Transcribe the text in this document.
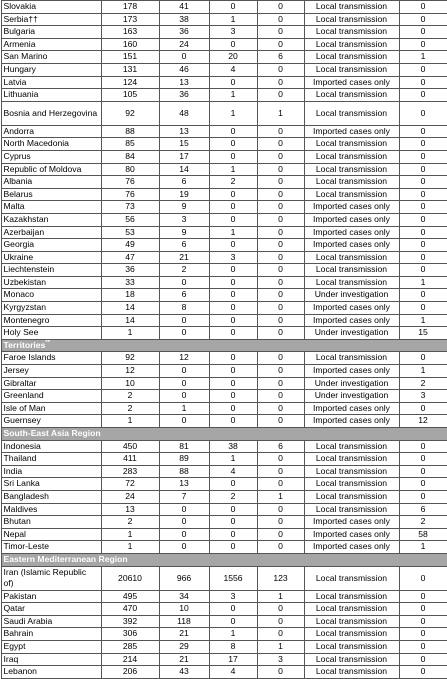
Slovakia	178	41	0	0	Local transmission	0
Serbia††	173	38	1	0	Local transmission	0
Bulgaria	163	36	3	0	Local transmission	0
Armenia	160	24	0	0	Local transmission	0
San Marino	151	0	20	6	Local transmission	1
Hungary	131	46	4	0	Local transmission	0
Latvia	124	13	0	0	Imported cases only	0
Lithuania	105	36	1	0	Local transmission	0
Bosnia and Herzegovina	92	48	1	1	Local transmission	0
Andorra	88	13	0	0	Imported cases only	0
North Macedonia	85	15	0	0	Local transmission	0
Cyprus	84	17	0	0	Local transmission	0
Republic of Moldova	80	14	1	0	Local transmission	0
Albania	76	6	2	0	Local transmission	0
Belarus	76	19	0	0	Local transmission	0
Malta	73	9	0	0	Imported cases only	0
Kazakhstan	56	3	0	0	Imported cases only	0
Azerbaijan	53	9	1	0	Imported cases only	0
Georgia	49	6	0	0	Imported cases only	0
Ukraine	47	21	3	0	Local transmission	0
Liechtenstein	36	2	0	0	Local transmission	0
Uzbekistan	33	0	0	0	Local transmission	1
Monaco	18	6	0	0	Under investigation	0
Kyrgyzstan	14	8	0	0	Imported cases only	0
Montenegro	14	0	0	0	Imported cases only	1
Holy See	1	0	0	0	Under investigation	15
Territories**
Faroe Islands	92	12	0	0	Local transmission	0
Jersey	12	0	0	0	Imported cases only	1
Gibraltar	10	0	0	0	Under investigation	2
Greenland	2	0	0	0	Under investigation	3
Isle of Man	2	1	0	0	Imported cases only	0
Guernsey	1	0	0	0	Imported cases only	12
South-East Asia Region						
Indonesia	450	81	38	6	Local transmission	0
Thailand	411	89	1	0	Local transmission	0
India	283	88	4	0	Local transmission	0
Sri Lanka	72	13	0	0	Local transmission	0
Bangladesh	24	7	2	1	Local transmission	0
Maldives	13	0	0	0	Local transmission	6
Bhutan	2	0	0	0	Imported cases only	2
Nepal	1	0	0	0	Imported cases only	58
Timor-Leste	1	0	0	0	Imported cases only	1
Eastern Mediterranean Region						
Iran (Islamic Republic of)	20610	966	1556	123	Local transmission	0
Pakistan	495	34	3	1	Local transmission	0
Qatar	470	10	0	0	Local transmission	0
Saudi Arabia	392	118	0	0	Local transmission	0
Bahrain	306	21	1	0	Local transmission	0
Egypt	285	29	8	1	Local transmission	0
Iraq	214	21	17	3	Local transmission	0
Lebanon	206	43	4	0	Local transmission	0
